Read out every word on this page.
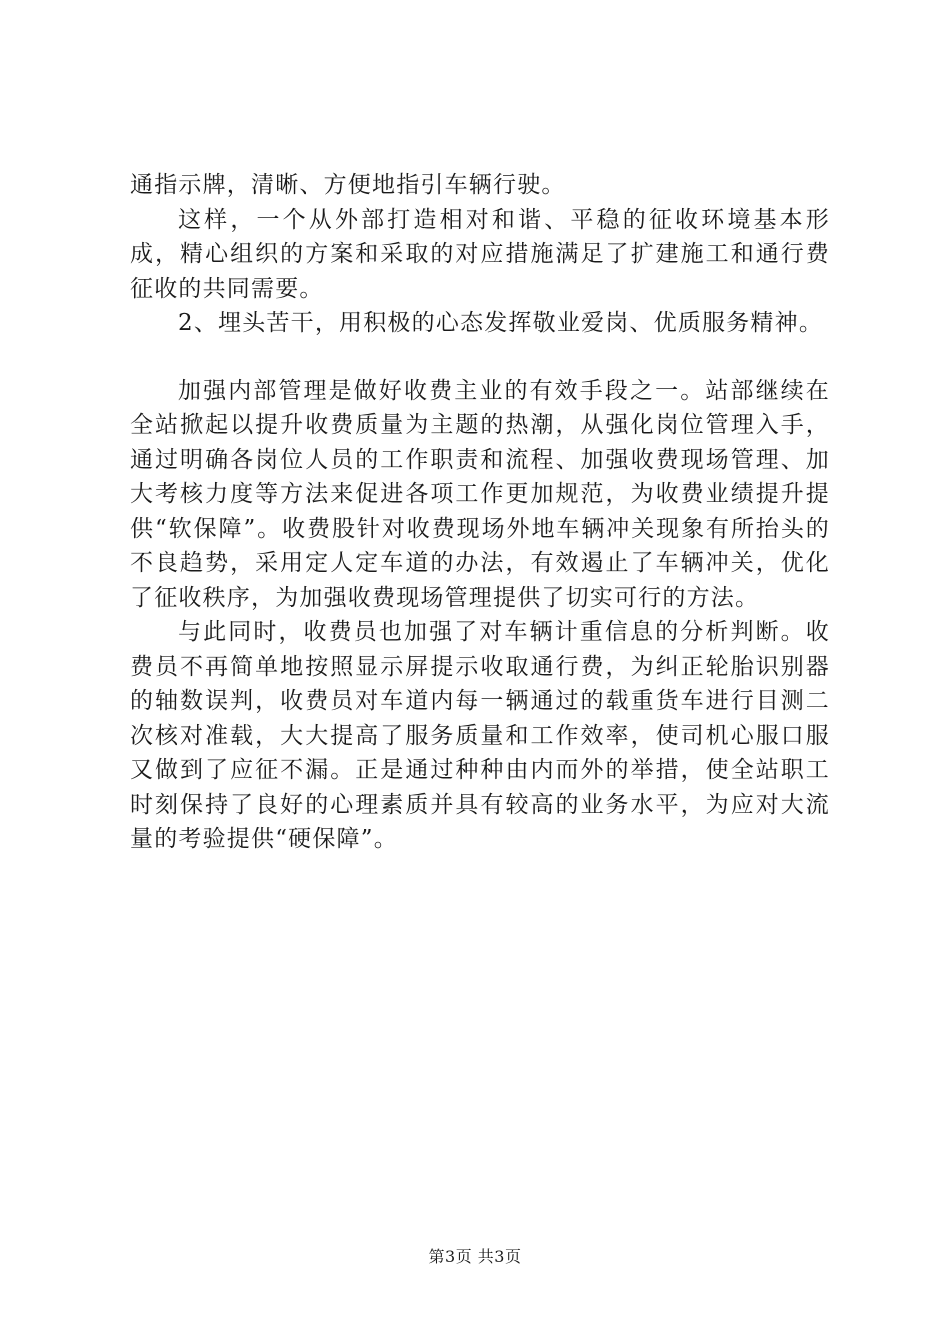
通指示牌，清晰、方便地指引车辆行驶。

这样，一个从外部打造相对和谐、平稳的征收环境基本形成，精心组织的方案和采取的对应措施满足了扩建施工和通行费征收的共同需要。

2、埋头苦干，用积极的心态发挥敬业爱岗、优质服务精神。

加强内部管理是做好收费主业的有效手段之一。站部继续在全站掀起以提升收费质量为主题的热潮，从强化岗位管理入手，通过明确各岗位人员的工作职责和流程、加强收费现场管理、加大考核力度等方法来促进各项工作更加规范，为收费业绩提升提供“软保障”。收费股针对收费现场外地车辆冲关现象有所抬头的不良趋势，采用定人定车道的办法，有效遏止了车辆冲关，优化了征收秩序，为加强收费现场管理提供了切实可行的方法。

与此同时，收费员也加强了对车辆计重信息的分析判断。收费员不再简单地按照显示屏提示收取通行费，为纠正轮胎识别器的轴数误判，收费员对车道内每一辆通过的载重货车进行目测二次核对准载，大大提高了服务质量和工作效率，使司机心服口服又做到了应征不漏。正是通过种种由内而外的举措，使全站职工时刻保持了良好的心理素质并具有较高的业务水平，为应对大流量的考验提供“硬保障”。

第3页 共3页
